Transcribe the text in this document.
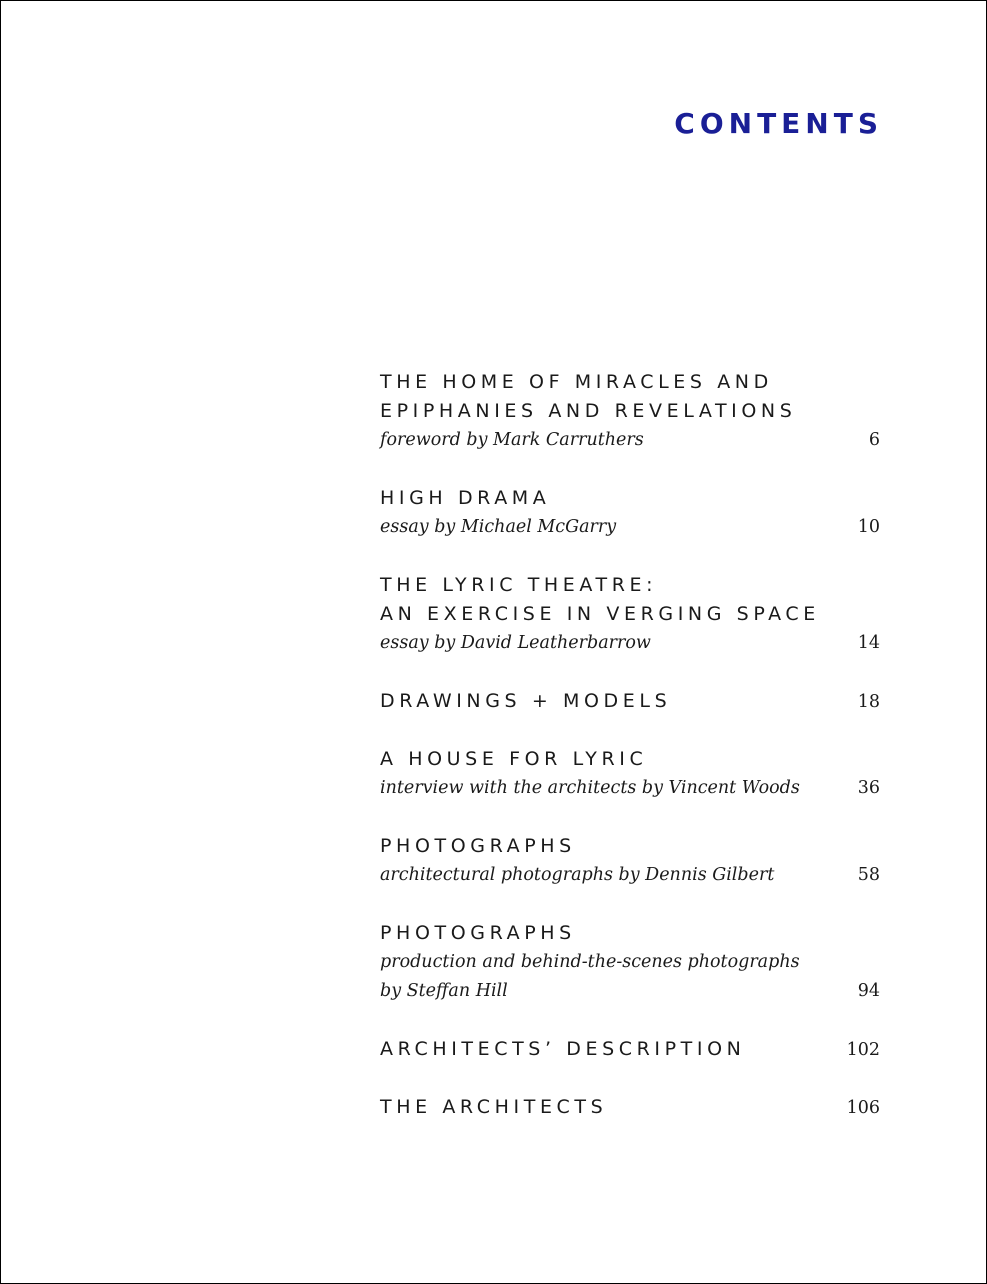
CONTENTS
THE HOME OF MIRACLES AND
EPIPHANIES AND REVELATIONS
foreword by Mark Carruthers	6
HIGH DRAMA
essay by Michael McGarry	10
THE LYRIC THEATRE:
AN EXERCISE IN VERGING SPACE
essay by David Leatherbarrow	14
DRAWINGS + MODELS	18
A HOUSE FOR LYRIC
interview with the architects by Vincent Woods	36
PHOTOGRAPHS
architectural photographs by Dennis Gilbert	58
PHOTOGRAPHS
production and behind-the-scenes photographs
by Steffan Hill	94
ARCHITECTS’ DESCRIPTION	102
THE ARCHITECTS	106
